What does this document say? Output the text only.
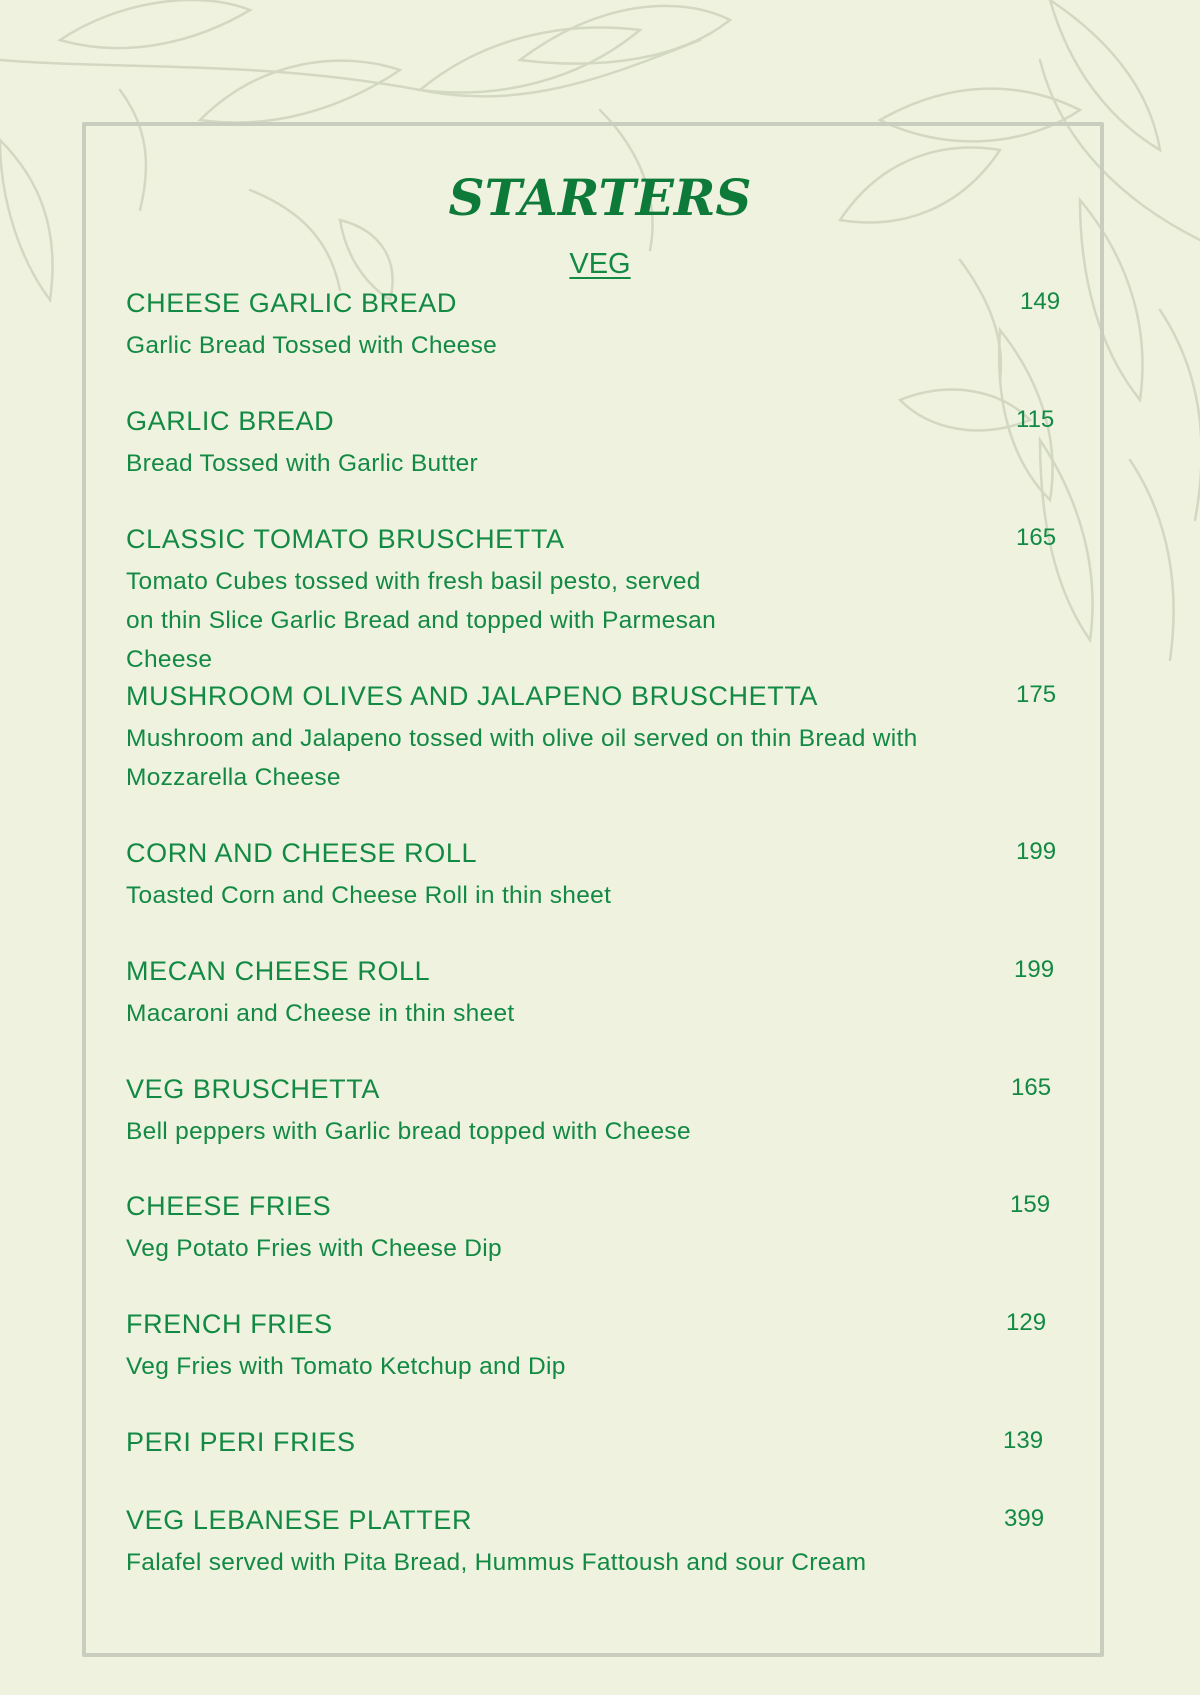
STARTERS
VEG
CHEESE GARLIC BREAD	149
Garlic Bread Tossed with Cheese
GARLIC BREAD	115
Bread Tossed with Garlic Butter
CLASSIC TOMATO BRUSCHETTA	165
Tomato Cubes tossed with fresh basil pesto, served on thin Slice Garlic Bread and topped with Parmesan Cheese
MUSHROOM OLIVES AND JALAPENO BRUSCHETTA	175
Mushroom and Jalapeno tossed with olive oil served on thin Bread with Mozzarella Cheese
CORN AND CHEESE ROLL	199
Toasted Corn and Cheese Roll in thin sheet
MECAN CHEESE ROLL	199
Macaroni and Cheese in thin sheet
VEG BRUSCHETTA	165
Bell peppers with Garlic bread topped with Cheese
CHEESE FRIES	159
Veg Potato Fries with Cheese Dip
FRENCH FRIES	129
Veg Fries with Tomato Ketchup and Dip
PERI PERI FRIES	139
VEG LEBANESE PLATTER	399
Falafel served with Pita Bread, Hummus Fattoush and sour Cream
